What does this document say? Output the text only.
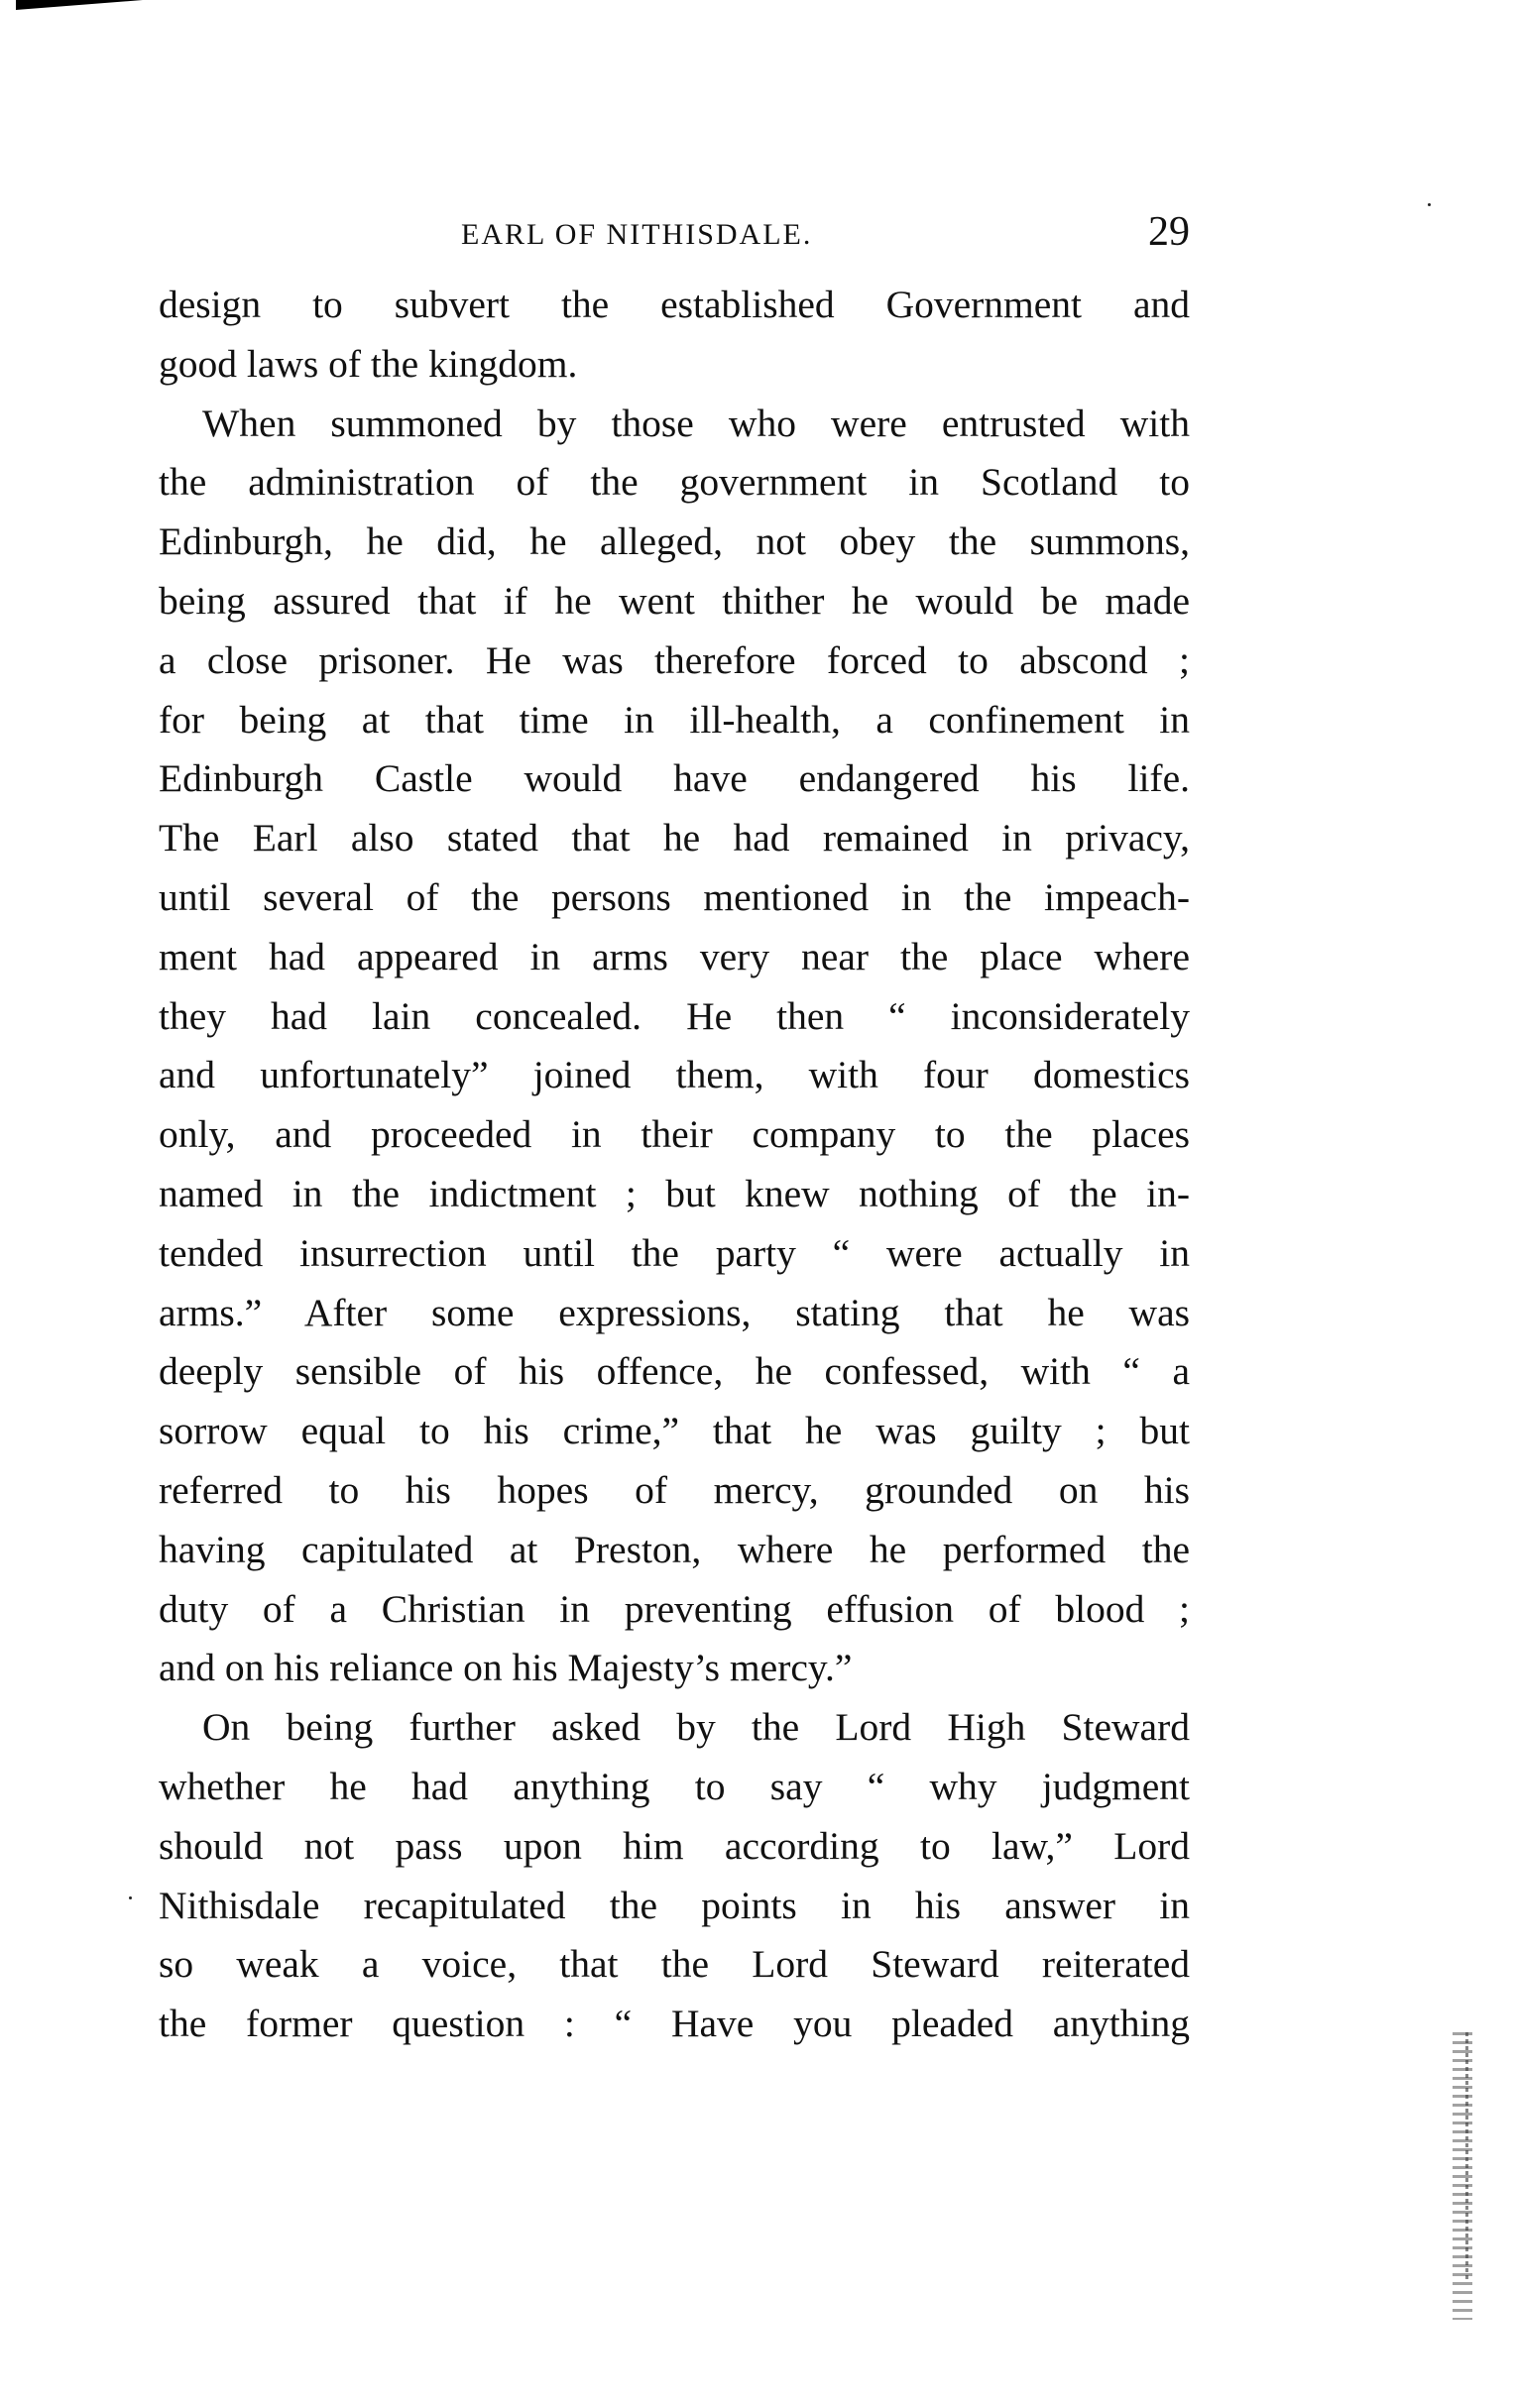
EARL OF NITHISDALE.	29
design to subvert the established Government and
good laws of the kingdom.
When summoned by those who were entrusted with
the administration of the government in Scotland to
Edinburgh, he did, he alleged, not obey the summons,
being assured that if he went thither he would be made
a close prisoner. He was therefore forced to abscond ;
for being at that time in ill-health, a confinement in
Edinburgh Castle would have endangered his life.
The Earl also stated that he had remained in privacy,
until several of the persons mentioned in the impeach-
ment had appeared in arms very near the place where
they had lain concealed. He then “ inconsiderately
and unfortunately” joined them, with four domestics
only, and proceeded in their company to the places
named in the indictment ; but knew nothing of the in-
tended insurrection until the party “ were actually in
arms.” After some expressions, stating that he was
deeply sensible of his offence, he confessed, with “ a
sorrow equal to his crime,” that he was guilty ; but
referred to his hopes of mercy, grounded on his
having capitulated at Preston, where he performed the
duty of a Christian in preventing effusion of blood ;
and on his reliance on his Majesty’s mercy.”
On being further asked by the Lord High Steward
whether he had anything to say “ why judgment
should not pass upon him according to law,” Lord
Nithisdale recapitulated the points in his answer in
so weak a voice, that the Lord Steward reiterated
the former question : “ Have you pleaded anything
